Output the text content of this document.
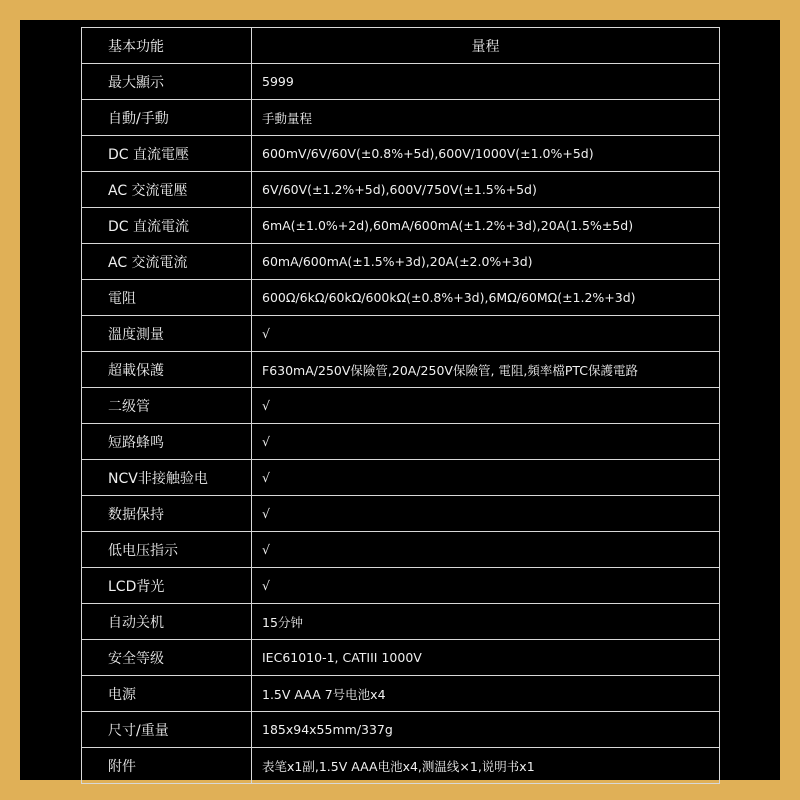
基本功能	量程
最大顯示	5999
自動/手動	手動量程
DC 直流電壓	600mV/6V/60V(±0.8%+5d),600V/1000V(±1.0%+5d)
AC 交流電壓	6V/60V(±1.2%+5d),600V/750V(±1.5%+5d)
DC 直流電流	6mA(±1.0%+2d),60mA/600mA(±1.2%+3d),20A(1.5%±5d)
AC 交流電流	60mA/600mA(±1.5%+3d),20A(±2.0%+3d)
電阻	600Ω/6kΩ/60kΩ/600kΩ(±0.8%+3d),6MΩ/60MΩ(±1.2%+3d)
溫度測量	√
超載保護	F630mA/250V保險管,20A/250V保險管, 電阻,頻率檔PTC保護電路
二级管	√
短路蜂鸣	√
NCV非接触验电	√
数据保持	√
低电压指示	√
LCD背光	√
自动关机	15分钟
安全等级	IEC61010-1, CATIII 1000V
电源	1.5V AAA 7号电池x4
尺寸/重量	185x94x55mm/337g
附件	表笔x1副,1.5V AAA电池x4,测温线×1,说明书x1
